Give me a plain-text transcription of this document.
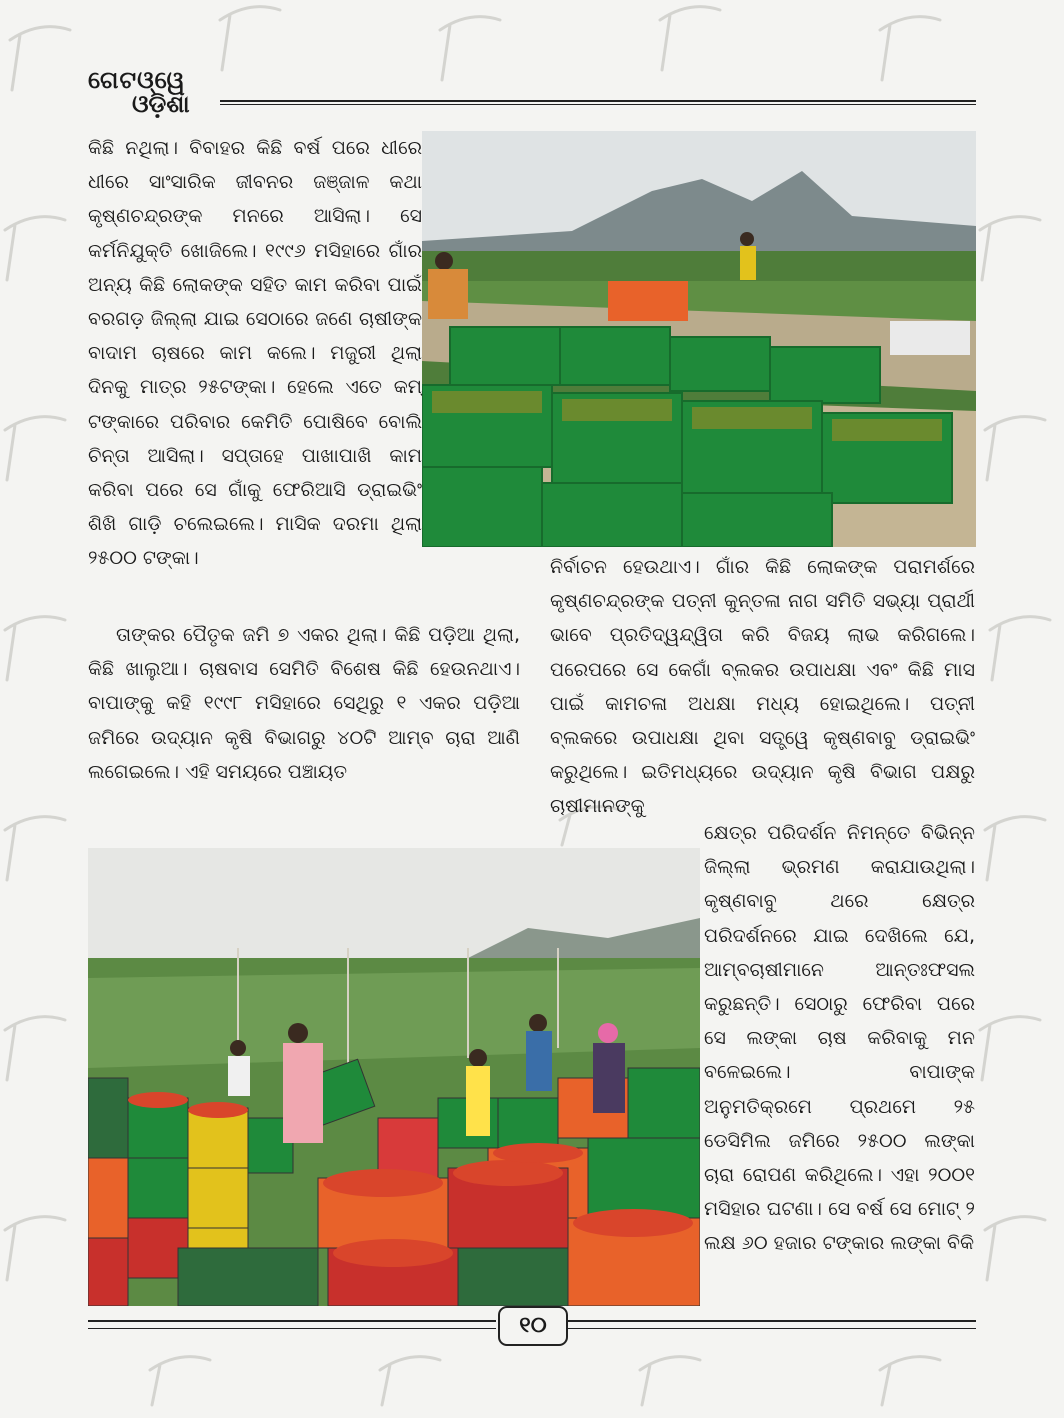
ଗେଟଓ୍ୱେ
ଓଡ଼ିଶା

କିଛି ନଥିଲା। ବିବାହର କିଛି ବର୍ଷ ପରେ ଧୀରେ ଧୀରେ ସାଂସାରିକ ଜୀବନର ଜଞ୍ଜାଳ କଥା କୃଷ୍ଣଚନ୍ଦ୍ରଙ୍କ ମନରେ ଆସିଲା। ସେ କର୍ମନିଯୁକ୍ତି ଖୋଜିଲେ। ୧୯୯୬ ମସିହାରେ ଗାଁର ଅନ୍ୟ କିଛି ଲୋକଙ୍କ ସହିତ କାମ କରିବା ପାଇଁ ବରଗଡ଼ ଜିଲ୍ଲା ଯାଇ ସେଠାରେ ଜଣେ ଚାଷୀଙ୍କ ବାଦାମ ଚାଷରେ କାମ କଲେ। ମଜୁରୀ ଥିଲା ଦିନକୁ ମାତ୍ର ୨୫ଟଙ୍କା। ହେଲେ ଏତେ କମ୍ ଟଙ୍କାରେ ପରିବାର କେମିତି ପୋଷିବେ ବୋଲି ଚିନ୍ତା ଆସିଲା। ସପ୍ତାହେ ପାଖାପାଖି କାମ କରିବା ପରେ ସେ ଗାଁକୁ ଫେରିଆସି ଡ୍ରାଇଭିଂ ଶିଖି ଗାଡ଼ି ଚଲେଇଲେ। ମାସିକ ଦରମା ଥିଲା ୨୫୦୦ ଟଙ୍କା।

ତାଙ୍କର ପୈତୃକ ଜମି ୭ ଏକର ଥିଲା। କିଛି ପଡ଼ିଆ ଥିଲା, କିଛି ଖାଲୁଆ। ଚାଷବାସ ସେମିତି ବିଶେଷ କିଛି ହେଉନଥାଏ। ବାପାଙ୍କୁ କହି ୧୯୯୮ ମସିହାରେ ସେଥିରୁ ୧ ଏକର ପଡ଼ିଆ ଜମିରେ ଉଦ୍ୟାନ କୃଷି ବିଭାଗରୁ ୪୦ଟି ଆମ୍ବ ଚାରା ଆଣି ଲଗେଇଲେ। ଏହି ସମୟରେ ପଞ୍ଚାୟତ

ନିର୍ବାଚନ ହେଉଥାଏ। ଗାଁର କିଛି ଲୋକଙ୍କ ପରାମର୍ଶରେ କୃଷ୍ଣଚନ୍ଦ୍ରଙ୍କ ପତ୍ନୀ କୁନ୍ତଳା ନାଗ ସମିତି ସଭ୍ୟା ପ୍ରାର୍ଥୀ ଭାବେ ପ୍ରତିଦ୍ୱନ୍ଦ୍ୱିତା କରି ବିଜୟ ଲାଭ କରିଗଲେ। ପରେପରେ ସେ କେଗାଁ ବ୍ଲକର ଉପାଧକ୍ଷା ଏବଂ କିଛି ମାସ ପାଇଁ କାମଚଳା ଅଧକ୍ଷା ମଧ୍ୟ ହୋଇଥିଲେ। ପତ୍ନୀ ବ୍ଲକରେ ଉପାଧକ୍ଷା ଥିବା ସତ୍ତ୍ୱେ କୃଷ୍ଣବାବୁ ଡ୍ରାଇଭିଂ କରୁଥିଲେ। ଇତିମଧ୍ୟରେ ଉଦ୍ୟାନ କୃଷି ବିଭାଗ ପକ୍ଷରୁ ଚାଷୀମାନଙ୍କୁ

କ୍ଷେତ୍ର ପରିଦର୍ଶନ ନିମନ୍ତେ ବିଭିନ୍ନ ଜିଲ୍ଲା ଭ୍ରମଣ କରାଯାଉଥିଲା। କୃଷ୍ଣବାବୁ ଥରେ କ୍ଷେତ୍ର ପରିଦର୍ଶନରେ ଯାଇ ଦେଖିଲେ ଯେ, ଆମ୍ବଚାଷୀମାନେ ଆନ୍ତଃଫସଲ କରୁଛନ୍ତି। ସେଠାରୁ ଫେରିବା ପରେ ସେ ଲଙ୍କା ଚାଷ କରିବାକୁ ମନ ବଳେଇଲେ। ବାପାଙ୍କ ଅନୁମତିକ୍ରମେ ପ୍ରଥମେ ୨୫ ଡେସିମିଲ ଜମିରେ ୨୫୦୦ ଲଙ୍କା ଚାରା ରୋପଣ କରିଥିଲେ। ଏହା ୨୦୦୧ ମସିହାର ଘଟଣା। ସେ ବର୍ଷ ସେ ମୋଟ୍ ୨ ଲକ୍ଷ ୬୦ ହଜାର ଟଙ୍କାର ଲଙ୍କା ବିକି

୧୦
